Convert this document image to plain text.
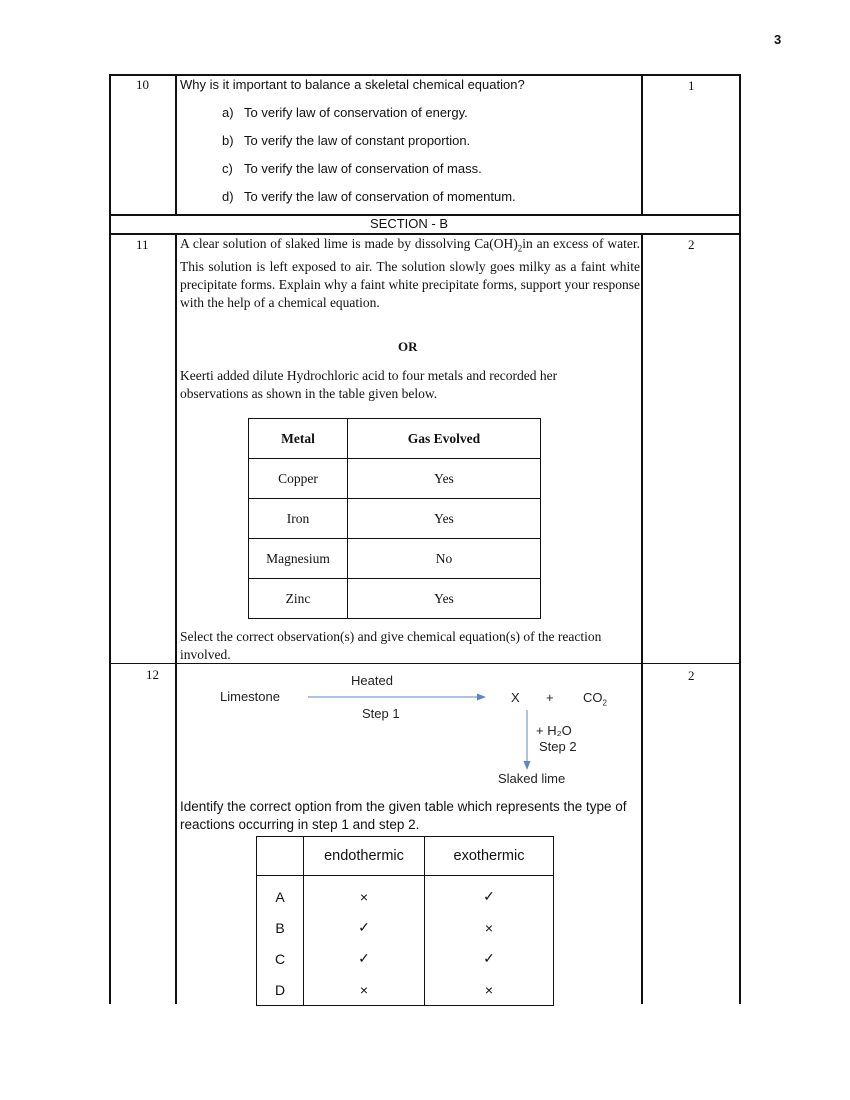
3
10	1
Why is it important to balance a skeletal chemical equation?
a) To verify law of conservation of energy.
b) To verify the law of constant proportion.
c) To verify the law of conservation of mass.
d) To verify the law of conservation of momentum.
SECTION - B
11	2
A clear solution of slaked lime is made by dissolving $Ca(OH)_2in$ an excess of water. This solution is left exposed to air. The solution slowly goes milky as a faint white precipitate forms. Explain why a faint white precipitate forms, support your response with the help of a chemical equation.
OR
Keerti added dilute Hydrochloric acid to four metals and recorded her observations as shown in the table given below.
Metal	Gas Evolved
Copper	Yes
Iron	Yes
Magnesium	No
Zinc	Yes
Select the correct observation(s) and give chemical equation(s) of the reaction involved.
12	2
Heated
Limestone
Step 1
$X + CO_2$
+ H₂O
Step 2
Slaked lime
Identify the correct option from the given table which represents the type of reactions occurring in step 1 and step 2.
	endothermic	exothermic
A	×	✓
B	✓	×
C	✓	✓
D	×	×
